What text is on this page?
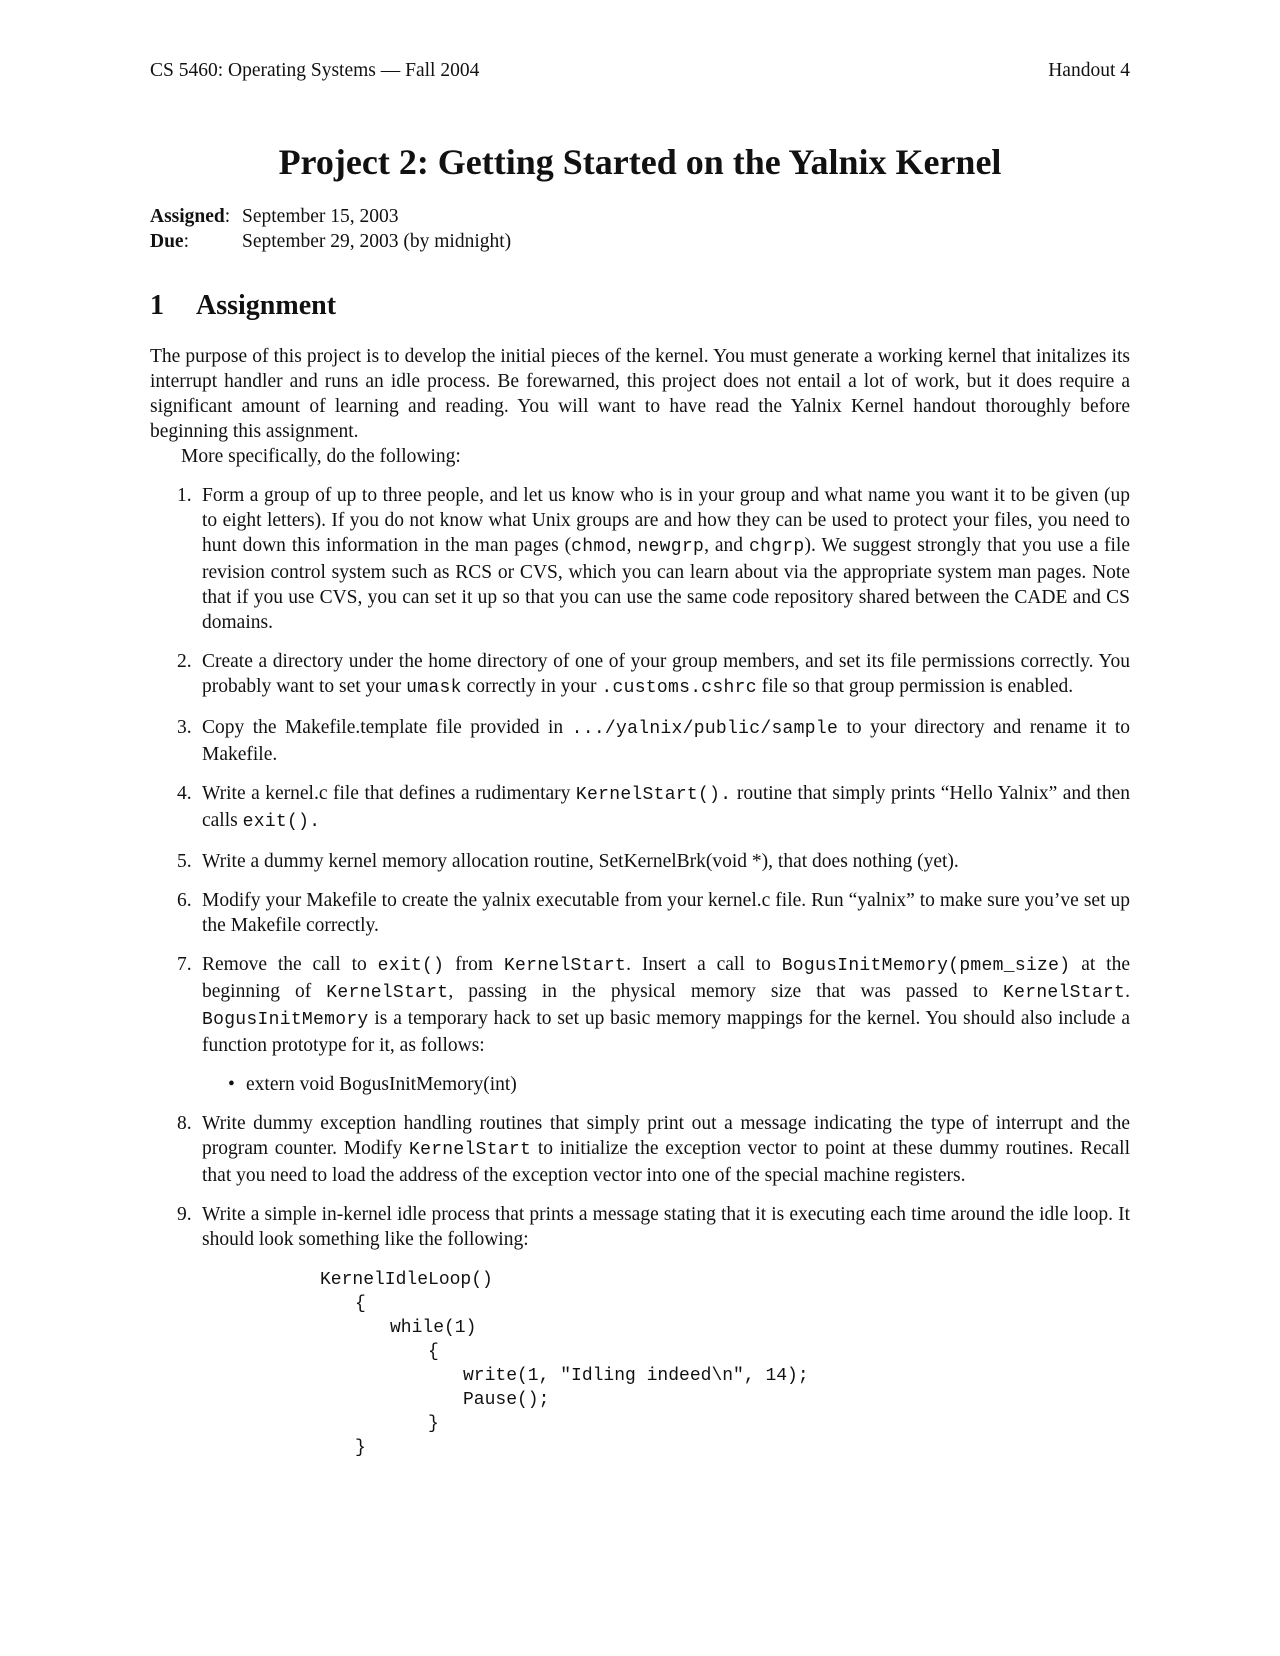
CS 5460: Operating Systems — Fall 2004	Handout 4
Project 2: Getting Started on the Yalnix Kernel
Assigned:	September 15, 2003
Due:	September 29, 2003 (by midnight)
1 Assignment

The purpose of this project is to develop the initial pieces of the kernel. You must generate a working kernel that initalizes its interrupt handler and runs an idle process. Be forewarned, this project does not entail a lot of work, but it does require a significant amount of learning and reading. You will want to have read the Yalnix Kernel handout thoroughly before beginning this assignment.

More specifically, do the following:

1. Form a group of up to three people, and let us know who is in your group and what name you want it to be given (up to eight letters). If you do not know what Unix groups are and how they can be used to protect your files, you need to hunt down this information in the man pages (chmod, newgrp, and chgrp). We suggest strongly that you use a file revision control system such as RCS or CVS, which you can learn about via the appropriate system man pages. Note that if you use CVS, you can set it up so that you can use the same code repository shared between the CADE and CS domains.
2. Create a directory under the home directory of one of your group members, and set its file permissions correctly. You probably want to set your umask correctly in your .customs.cshrc file so that group permission is enabled.
3. Copy the Makefile.template file provided in .../yalnix/public/sample to your directory and rename it to Makefile.
4. Write a kernel.c file that defines a rudimentary KernelStart(). routine that simply prints “Hello Yalnix” and then calls exit().
5. Write a dummy kernel memory allocation routine, SetKernelBrk(void *), that does nothing (yet).
6. Modify your Makefile to create the yalnix executable from your kernel.c file. Run “yalnix” to make sure you’ve set up the Makefile correctly.
7. Remove the call to exit() from KernelStart. Insert a call to BogusInitMemory(pmem_size) at the beginning of KernelStart, passing in the physical memory size that was passed to KernelStart. BogusInitMemory is a temporary hack to set up basic memory mappings for the kernel. You should also include a function prototype for it, as follows:
• extern void BogusInitMemory(int)
8. Write dummy exception handling routines that simply print out a message indicating the type of interrupt and the program counter. Modify KernelStart to initialize the exception vector to point at these dummy routines. Recall that you need to load the address of the exception vector into one of the special machine registers.
9. Write a simple in-kernel idle process that prints a message stating that it is executing each time around the idle loop. It should look something like the following:
KernelIdleLoop()
{
while(1)
{
write(1, "Idling indeed\n", 14);
Pause();
}
}
